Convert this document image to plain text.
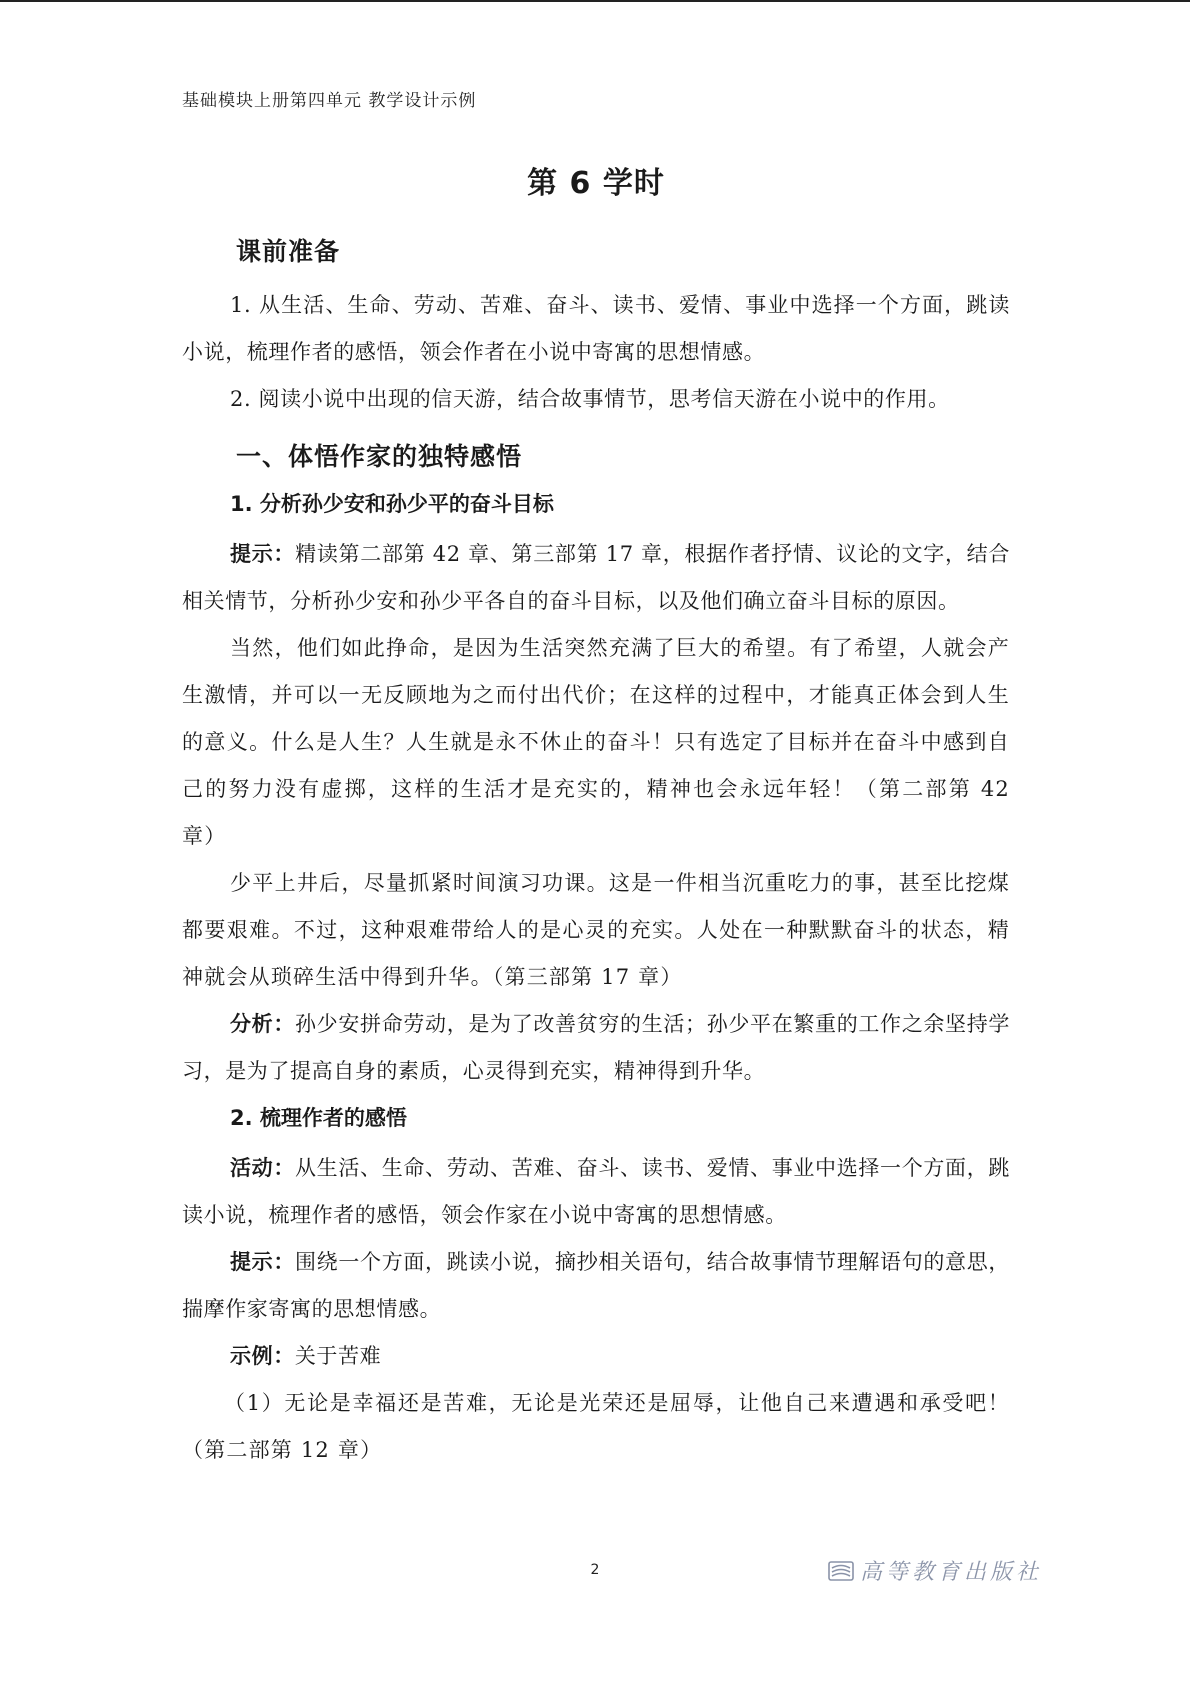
基础模块上册第四单元 教学设计示例
第 6 学时
课前准备

1. 从生活、生命、劳动、苦难、奋斗、读书、爱情、事业中选择一个方面，跳读小说，梳理作者的感悟，领会作者在小说中寄寓的思想情感。

2. 阅读小说中出现的信天游，结合故事情节，思考信天游在小说中的作用。

一、体悟作家的独特感悟
1. 分析孙少安和孙少平的奋斗目标

提示：精读第二部第 42 章、第三部第 17 章，根据作者抒情、议论的文字，结合相关情节，分析孙少安和孙少平各自的奋斗目标，以及他们确立奋斗目标的原因。

当然，他们如此挣命，是因为生活突然充满了巨大的希望。有了希望，人就会产生激情，并可以一无反顾地为之而付出代价；在这样的过程中，才能真正体会到人生的意义。什么是人生？人生就是永不休止的奋斗！只有选定了目标并在奋斗中感到自己的努力没有虚掷，这样的生活才是充实的，精神也会永远年轻！（第二部第 42 章）

少平上井后，尽量抓紧时间演习功课。这是一件相当沉重吃力的事，甚至比挖煤都要艰难。不过，这种艰难带给人的是心灵的充实。人处在一种默默奋斗的状态，精神就会从琐碎生活中得到升华。（第三部第 17 章）

分析：孙少安拼命劳动，是为了改善贫穷的生活；孙少平在繁重的工作之余坚持学习，是为了提高自身的素质，心灵得到充实，精神得到升华。

2. 梳理作者的感悟

活动：从生活、生命、劳动、苦难、奋斗、读书、爱情、事业中选择一个方面，跳读小说，梳理作者的感悟，领会作家在小说中寄寓的思想情感。

提示：围绕一个方面，跳读小说，摘抄相关语句，结合故事情节理解语句的意思，揣摩作家寄寓的思想情感。

示例：关于苦难

（1）无论是幸福还是苦难，无论是光荣还是屈辱，让他自己来遭遇和承受吧！（第二部第 12 章）

2	高等教育出版社
